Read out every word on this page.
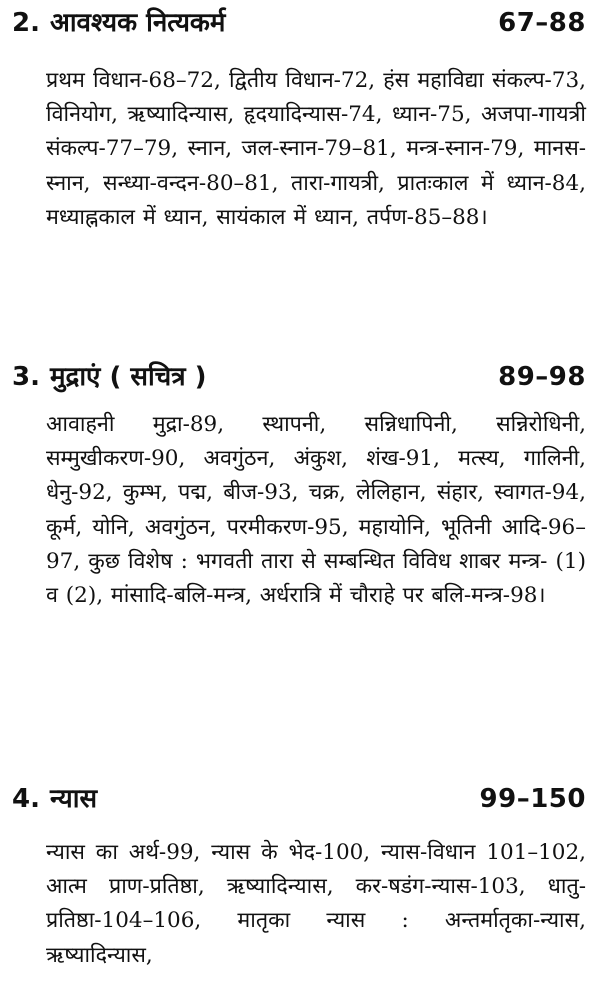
2. आवश्यक नित्यकर्म	67–88

प्रथम विधान-68–72, द्वितीय विधान-72, हंस महाविद्या संकल्प-73, विनियोग, ऋष्यादिन्यास, हृदयादिन्यास-74, ध्यान-75, अजपा-गायत्री संकल्प-77–79, स्नान, जल-स्नान-79–81, मन्त्र-स्नान-79, मानस-स्नान, सन्ध्या-वन्दन-80–81, तारा-गायत्री, प्रातःकाल में ध्यान-84, मध्याह्नकाल में ध्यान, सायंकाल में ध्यान, तर्पण-85–88।

3. मुद्राएं ( सचित्र )	89–98

आवाहनी मुद्रा-89, स्थापनी, सन्निधापिनी, सन्निरोधिनी, सम्मुखीकरण-90, अवगुंठन, अंकुश, शंख-91, मत्स्य, गालिनी, धेनु-92, कुम्भ, पद्म, बीज-93, चक्र, लेलिहान, संहार, स्वागत-94, कूर्म, योनि, अवगुंठन, परमीकरण-95, महायोनि, भूतिनी आदि-96–97, कुछ विशेष : भगवती तारा से सम्बन्धित विविध शाबर मन्त्र- (1) व (2), मांसादि-बलि-मन्त्र, अर्धरात्रि में चौराहे पर बलि-मन्त्र-98।

4. न्यास	99–150

न्यास का अर्थ-99, न्यास के भेद-100, न्यास-विधान 101–102, आत्म प्राण-प्रतिष्ठा, ऋष्यादिन्यास, कर-षडंग-न्यास-103, धातु-प्रतिष्ठा-104–106, मातृका न्यास : अन्तर्मातृका-न्यास, ऋष्यादिन्यास,
